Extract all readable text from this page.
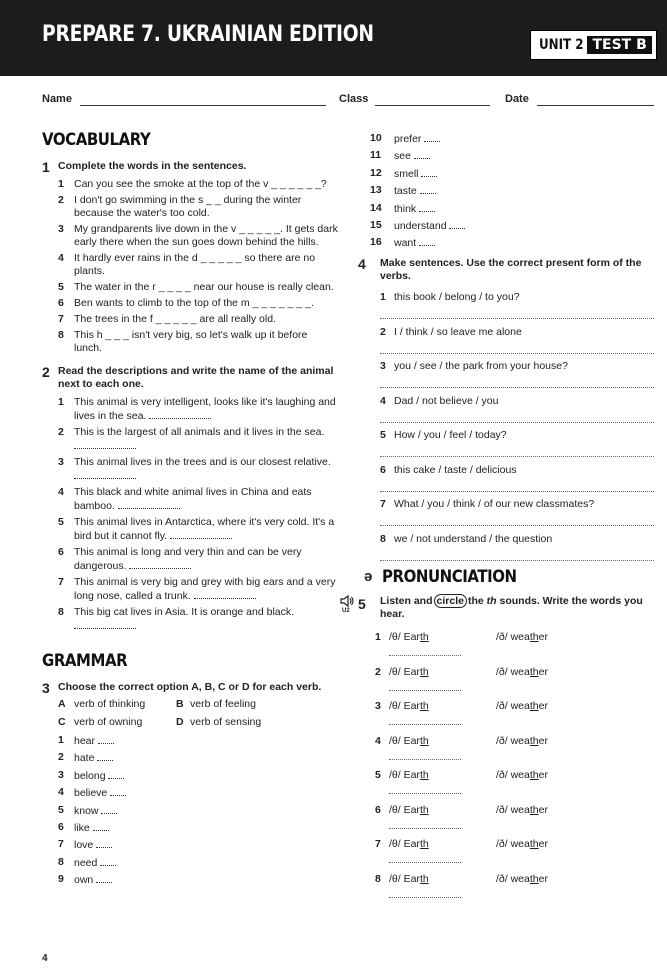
PREPARE 7. UKRAINIAN EDITION	UNIT 2 TEST B
Name	Class	Date
VOCABULARY
1 Complete the words in the sentences.
1 Can you see the smoke at the top of the v _ _ _ _ _ _?
2 I don't go swimming in the s _ _ during the winter because the water's too cold.
3 My grandparents live down in the v _ _ _ _ _. It gets dark early there when the sun goes down behind the hills.
4 It hardly ever rains in the d _ _ _ _ _ so there are no plants.
5 The water in the r _ _ _ _ near our house is really clean.
6 Ben wants to climb to the top of the m _ _ _ _ _ _ _.
7 The trees in the f _ _ _ _ _ are all really old.
8 This h _ _ _ isn't very big, so let's walk up it before lunch.
2 Read the descriptions and write the name of the animal next to each one.
1 This animal is very intelligent, looks like it's laughing and lives in the sea.
2 This is the largest of all animals and it lives in the sea.
3 This animal lives in the trees and is our closest relative.
4 This black and white animal lives in China and eats bamboo.
5 This animal lives in Antarctica, where it's very cold. It's a bird but it cannot fly.
6 This animal is long and very thin and can be very dangerous.
7 This animal is very big and grey with big ears and a very long nose, called a trunk.
8 This big cat lives in Asia. It is orange and black.

GRAMMAR
3 Choose the correct option A, B, C or D for each verb.
A verb of thinking	B verb of feeling
C verb of owning	D verb of sensing
1 hear
2 hate
3 belong
4 believe
5 know
6 like
7 love
8 need
9 own
10 prefer
11 see
12 smell
13 taste
14 think
15 understand
16 want
4 Make sentences. Use the correct present form of the verbs.
1 this book / belong / to you?
2 I / think / so leave me alone
3 you / see / the park from your house?
4 Dad / not believe / you
5 How / you / feel / today?
6 this cake / taste / delicious
7 What / you / think / of our new classmates?
8 we / not understand / the question
ə PRONUNCIATION
U2 5 Listen and circle the th sounds. Write the words you hear.
1 /θ/ Earth	/ð/ weather
2 /θ/ Earth	/ð/ weather
3 /θ/ Earth	/ð/ weather
4 /θ/ Earth	/ð/ weather
5 /θ/ Earth	/ð/ weather
6 /θ/ Earth	/ð/ weather
7 /θ/ Earth	/ð/ weather
8 /θ/ Earth	/ð/ weather
4
